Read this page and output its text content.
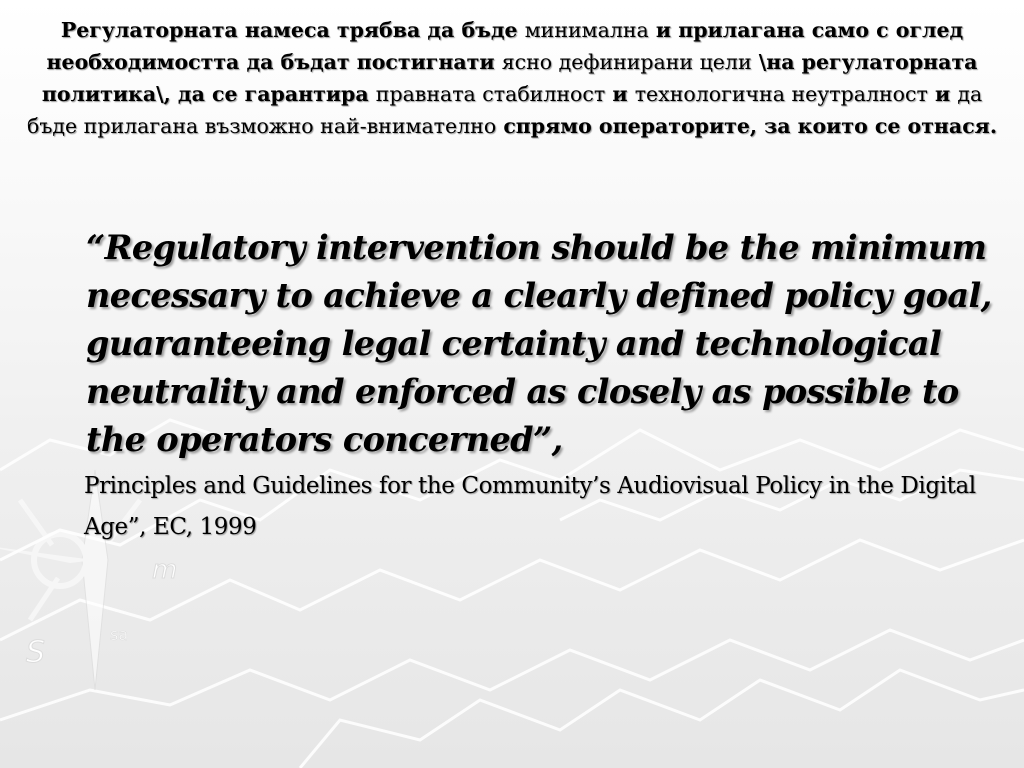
S
m
sa
Регулаторната намеса трябва да бъде минимална и прилагана само с оглед необходимостта да бъдат постигнати ясно дефинирани цели \на регулаторната политика\, да се гарантира правната стабилност и технологична неутралност и да бъде прилагана възможно най-внимателно спрямо операторите, за които се отнася.
“Regulatory intervention should be the minimum necessary to achieve a clearly defined policy goal, guaranteeing legal certainty and technological neutrality and enforced as closely as possible to the operators concerned”,
Principles and Guidelines for the Community’s Audiovisual Policy in the Digital Age”, EC, 1999
